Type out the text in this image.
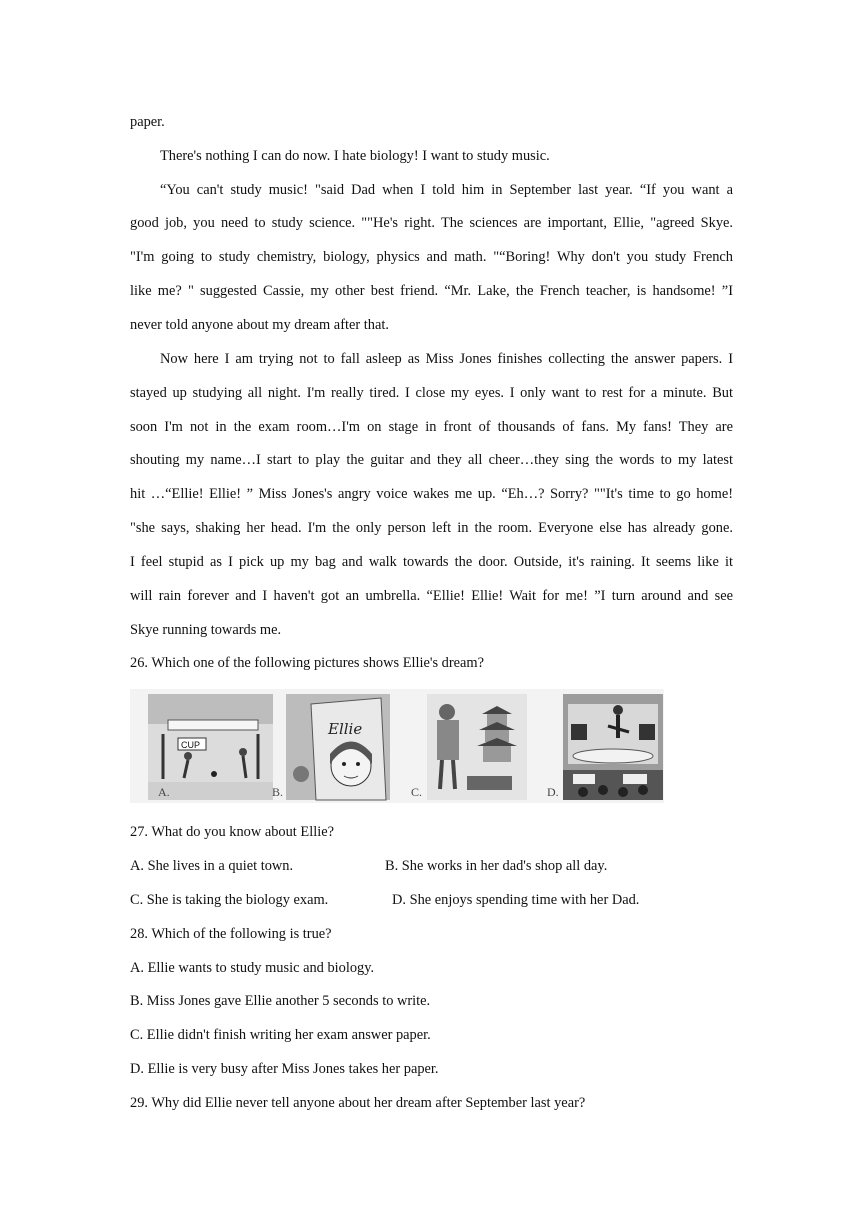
paper.
There's nothing I can do now. I hate biology! I want to study music.
“You can't study music! "said Dad when I told him in September last year. “If you want a
good job, you need to study science. ""He's right. The sciences are important, Ellie, "agreed Skye.
"I'm going to study chemistry, biology, physics and math. "“Boring! Why don't you study French
like me? " suggested Cassie, my other best friend. “Mr. Lake, the French teacher, is handsome! ”I
never told anyone about my dream after that.
Now here I am trying not to fall asleep as Miss Jones finishes collecting the answer papers. I
stayed up studying all night. I'm really tired. I close my eyes. I only want to rest for a minute. But
soon I'm not in the exam room…I'm on stage in front of thousands of fans. My fans! They are
shouting my name…I start to play the guitar and they all cheer…they sing the words to my latest
hit …“Ellie! Ellie! ” Miss Jones's angry voice wakes me up. “Eh…? Sorry? ""It's time to go home!
"she says, shaking her head. I'm the only person left in the room. Everyone else has already gone.
I feel stupid as I pick up my bag and walk towards the door. Outside, it's raining. It seems like it
will rain forever and I haven't got an umbrella. “Ellie! Ellie! Wait for me! ”I turn around and see
Skye running towards me.
26. Which one of the following pictures shows Ellie's dream?
CUP
A.
Ellie
B.	C.	D.
27. What do you know about Ellie?
A. She lives in a quiet town.	B. She works in her dad's shop all day.
C. She is taking the biology exam.	D. She enjoys spending time with her Dad.
28. Which of the following is true?
A. Ellie wants to study music and biology.
B. Miss Jones gave Ellie another 5 seconds to write.
C. Ellie didn't finish writing her exam answer paper.
D. Ellie is very busy after Miss Jones takes her paper.
29. Why did Ellie never tell anyone about her dream after September last year?
